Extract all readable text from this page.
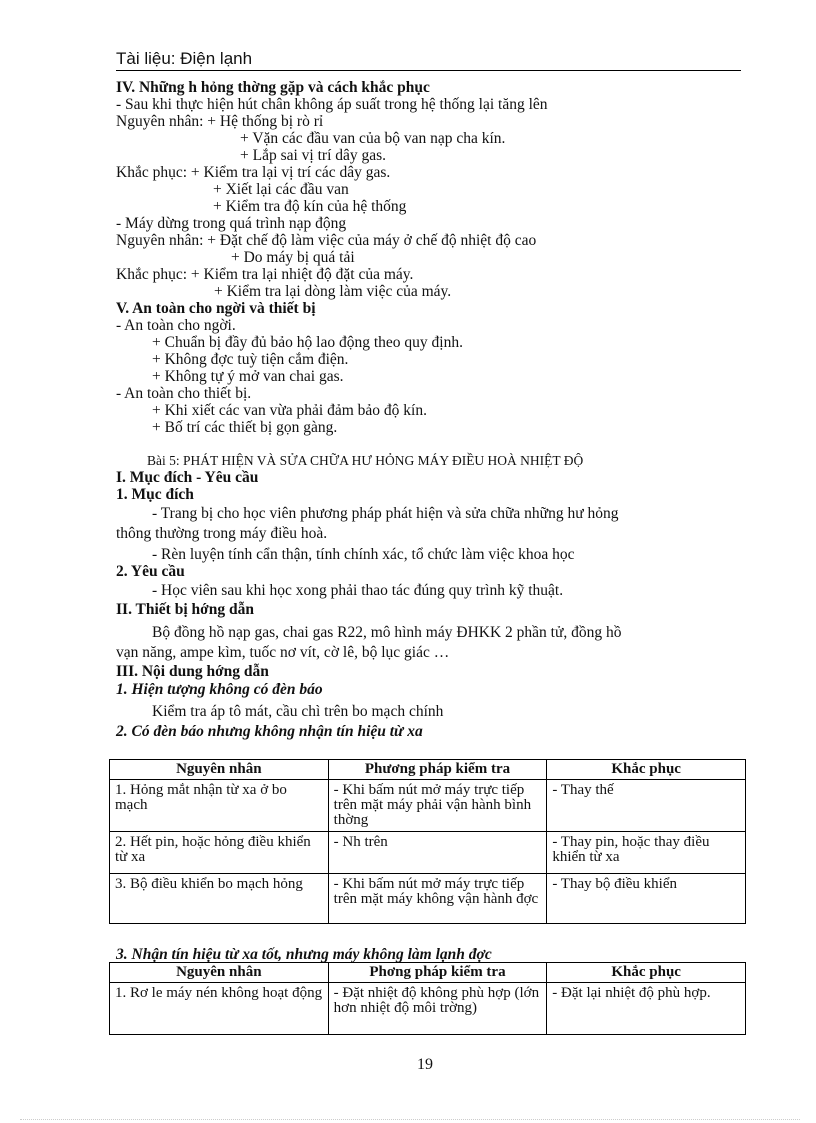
Tài liệu: Điện lạnh
IV. Những h hỏng thờng gặp và cách khắc phục
- Sau khi thực hiện hút chân không áp suất trong hệ thống lại tăng lên
Nguyên nhân: + Hệ thống bị rò rỉ
+ Vặn các đầu van của bộ van nạp cha kín.
+ Lắp sai vị trí dây gas.
Khắc phục: + Kiểm tra lại vị trí các dây gas.
+ Xiết lại các đầu van
+ Kiểm tra độ kín của hệ thống
- Máy dừng trong quá trình nạp động
Nguyên nhân: + Đặt chế độ làm việc của máy ở chế độ nhiệt độ cao
+ Do máy bị quá tải
Khắc phục: + Kiểm tra lại nhiệt độ đặt của máy.
+ Kiểm tra lại dòng làm việc của máy.
V. An toàn cho ngời và thiết bị
- An toàn cho ngời.
+ Chuẩn bị đầy đủ bảo hộ lao động theo quy định.
+ Không đợc tuỳ tiện cắm điện.
+ Không tự ý mở van chai gas.
- An toàn cho thiết bị.
+ Khi xiết các van vừa phải đảm bảo độ kín.
+ Bố trí các thiết bị gọn gàng.
Bài 5: PHÁT HIỆN VÀ SỬA CHỮA HƯ HỎNG MÁY ĐIỀU HOÀ NHIỆT ĐỘ
I. Mục đích - Yêu cầu
1. Mục đích
- Trang bị cho học viên phương pháp phát hiện và sửa chữa những hư hỏng
thông thường trong máy điều hoà.
- Rèn luyện tính cẩn thận, tính chính xác, tổ chức làm việc khoa học
2. Yêu cầu
- Học viên sau khi học xong phải thao tác đúng quy trình kỹ thuật.
II. Thiết bị hớng dẫn
Bộ đồng hồ nạp gas, chai gas R22, mô hình máy ĐHKK 2 phần tử, đồng hồ
vạn năng, ampe kìm, tuốc nơ vít, cờ lê, bộ lục giác …
III. Nội dung hớng dẫn
1. Hiện tượng không có đèn báo
Kiểm tra áp tô mát, cầu chì trên bo mạch chính
2. Có đèn báo nhưng không nhận tín hiệu từ xa
Nguyên nhân	Phương pháp kiểm tra	Khắc phục
1. Hỏng mắt nhận từ xa ở bo mạch	- Khi bấm nút mở máy trực tiếp trên mặt máy phải vận hành bình thờng	- Thay thế
2. Hết pin, hoặc hỏng điều khiển từ xa	- Nh trên	- Thay pin, hoặc thay điều khiển từ xa
3. Bộ điều khiển bo mạch hỏng	- Khi bấm nút mở máy trực tiếp trên mặt máy không vận hành đợc	- Thay bộ điều khiển
3. Nhận tín hiệu từ xa tốt, nhưng máy không làm lạnh đợc
Nguyên nhân	Phơng pháp kiểm tra	Khắc phục
1. Rơ le máy nén không hoạt động	- Đặt nhiệt độ không phù hợp (lớn hơn nhiệt độ môi trờng)	- Đặt lại nhiệt độ phù hợp.
19
